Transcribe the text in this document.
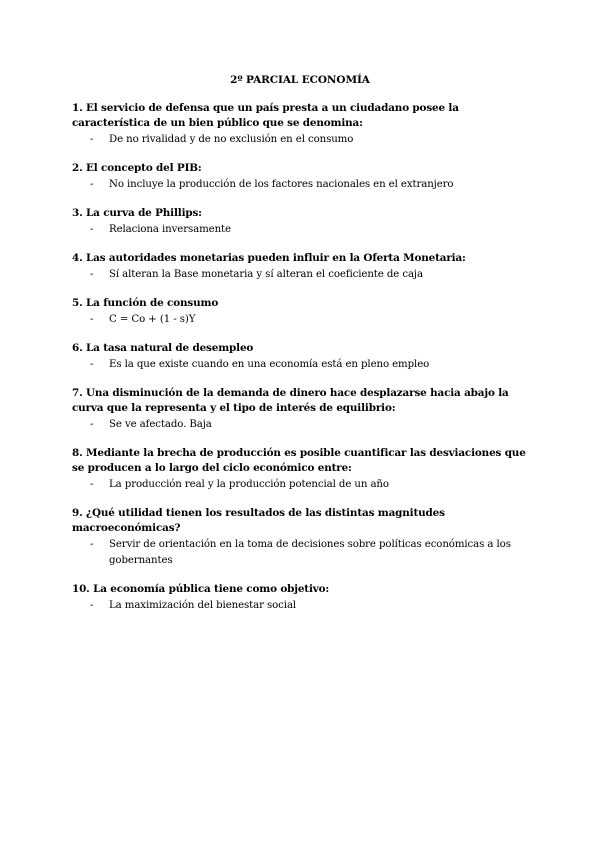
2º PARCIAL ECONOMÍA
1. El servicio de defensa que un país presta a un ciudadano posee la característica de un bien público que se denomina:
- De no rivalidad y de no exclusión en el consumo
2. El concepto del PIB:
- No incluye la producción de los factores nacionales en el extranjero
3. La curva de Phillips:
- Relaciona inversamente
4. Las autoridades monetarias pueden influir en la Oferta Monetaria:
- Sí alteran la Base monetaria y sí alteran el coeficiente de caja
5. La función de consumo
- C = Co + (1 - s)Y
6. La tasa natural de desempleo
- Es la que existe cuando en una economía está en pleno empleo
7. Una disminución de la demanda de dinero hace desplazarse hacia abajo la curva que la representa y el tipo de interés de equilibrio:
- Se ve afectado. Baja
8. Mediante la brecha de producción es posible cuantificar las desviaciones que se producen a lo largo del ciclo económico entre:
- La producción real y la producción potencial de un año
9. ¿Qué utilidad tienen los resultados de las distintas magnitudes macroeconómicas?
- Servir de orientación en la toma de decisiones sobre políticas económicas a los gobernantes
10. La economía pública tiene como objetivo:
- La maximización del bienestar social
